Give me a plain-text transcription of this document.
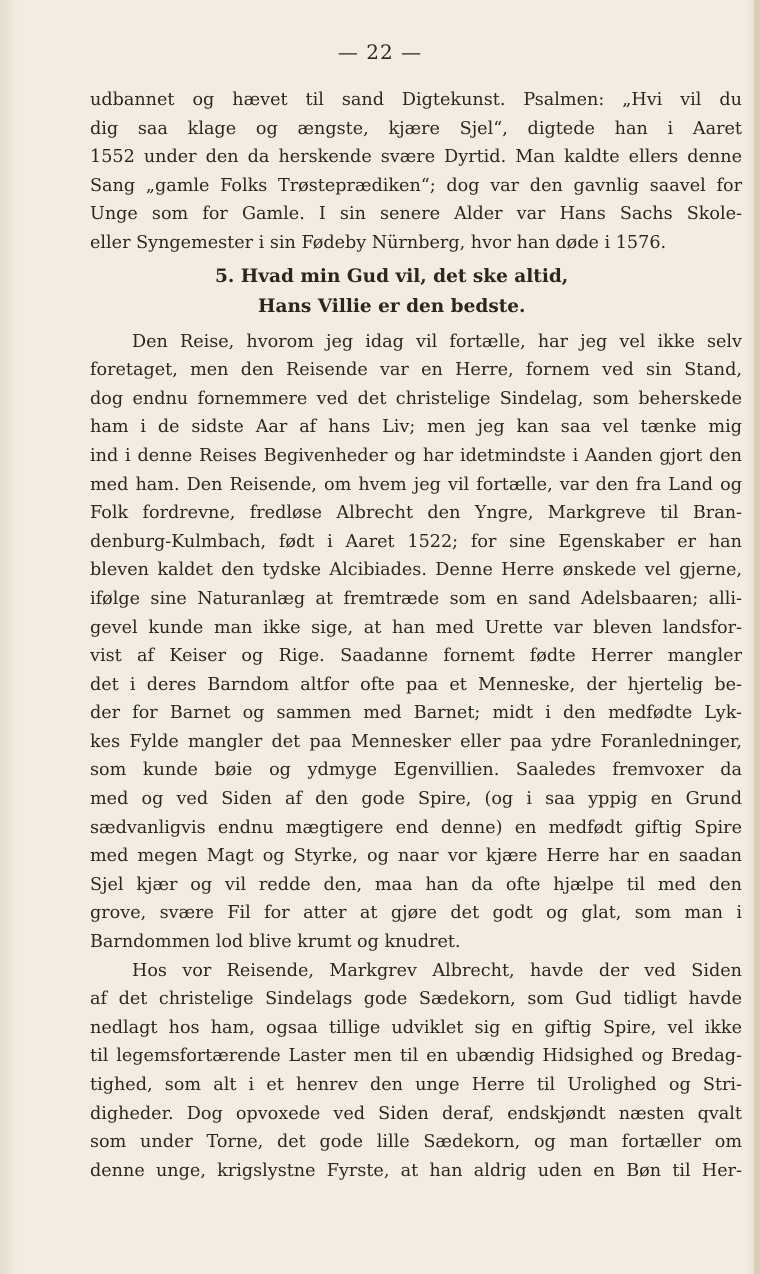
— 22 —
udbannet og hævet til sand Digtekunst. Psalmen: „Hvi vil du
dig saa klage og ængste, kjære Sjel“, digtede han i Aaret
1552 under den da herskende svære Dyrtid. Man kaldte ellers denne
Sang „gamle Folks Trøsteprædiken“; dog var den gavnlig saavel for
Unge som for Gamle. I sin senere Alder var Hans Sachs Skole-
eller Syngemester i sin Fødeby Nürnberg, hvor han døde i 1576.
5. Hvad min Gud vil, det ske altid,
Hans Villie er den bedste.
Den Reise, hvorom jeg idag vil fortælle, har jeg vel ikke selv
foretaget, men den Reisende var en Herre, fornem ved sin Stand,
dog endnu fornemmere ved det christelige Sindelag, som beherskede
ham i de sidste Aar af hans Liv; men jeg kan saa vel tænke mig
ind i denne Reises Begivenheder og har idetmindste i Aanden gjort den
med ham. Den Reisende, om hvem jeg vil fortælle, var den fra Land og
Folk fordrevne, fredløse Albrecht den Yngre, Markgreve til Bran-
denburg-Kulmbach, født i Aaret 1522; for sine Egenskaber er han
bleven kaldet den tydske Alcibiades. Denne Herre ønskede vel gjerne,
ifølge sine Naturanlæg at fremtræde som en sand Adelsbaaren; alli-
gevel kunde man ikke sige, at han med Urette var bleven landsfor-
vist af Keiser og Rige. Saadanne fornemt fødte Herrer mangler
det i deres Barndom altfor ofte paa et Menneske, der hjertelig be-
der for Barnet og sammen med Barnet; midt i den medfødte Lyk-
kes Fylde mangler det paa Mennesker eller paa ydre Foranledninger,
som kunde bøie og ydmyge Egenvillien. Saaledes fremvoxer da
med og ved Siden af den gode Spire, (og i saa yppig en Grund
sædvanligvis endnu mægtigere end denne) en medfødt giftig Spire
med megen Magt og Styrke, og naar vor kjære Herre har en saadan
Sjel kjær og vil redde den, maa han da ofte hjælpe til med den
grove, svære Fil for atter at gjøre det godt og glat, som man i
Barndommen lod blive krumt og knudret.
Hos vor Reisende, Markgrev Albrecht, havde der ved Siden
af det christelige Sindelags gode Sædekorn, som Gud tidligt havde
nedlagt hos ham, ogsaa tillige udviklet sig en giftig Spire, vel ikke
til legemsfortærende Laster men til en ubændig Hidsighed og Bredag-
tighed, som alt i et henrev den unge Herre til Urolighed og Stri-
digheder. Dog opvoxede ved Siden deraf, endskjøndt næsten qvalt
som under Torne, det gode lille Sædekorn, og man fortæller om
denne unge, krigslystne Fyrste, at han aldrig uden en Bøn til Her-
